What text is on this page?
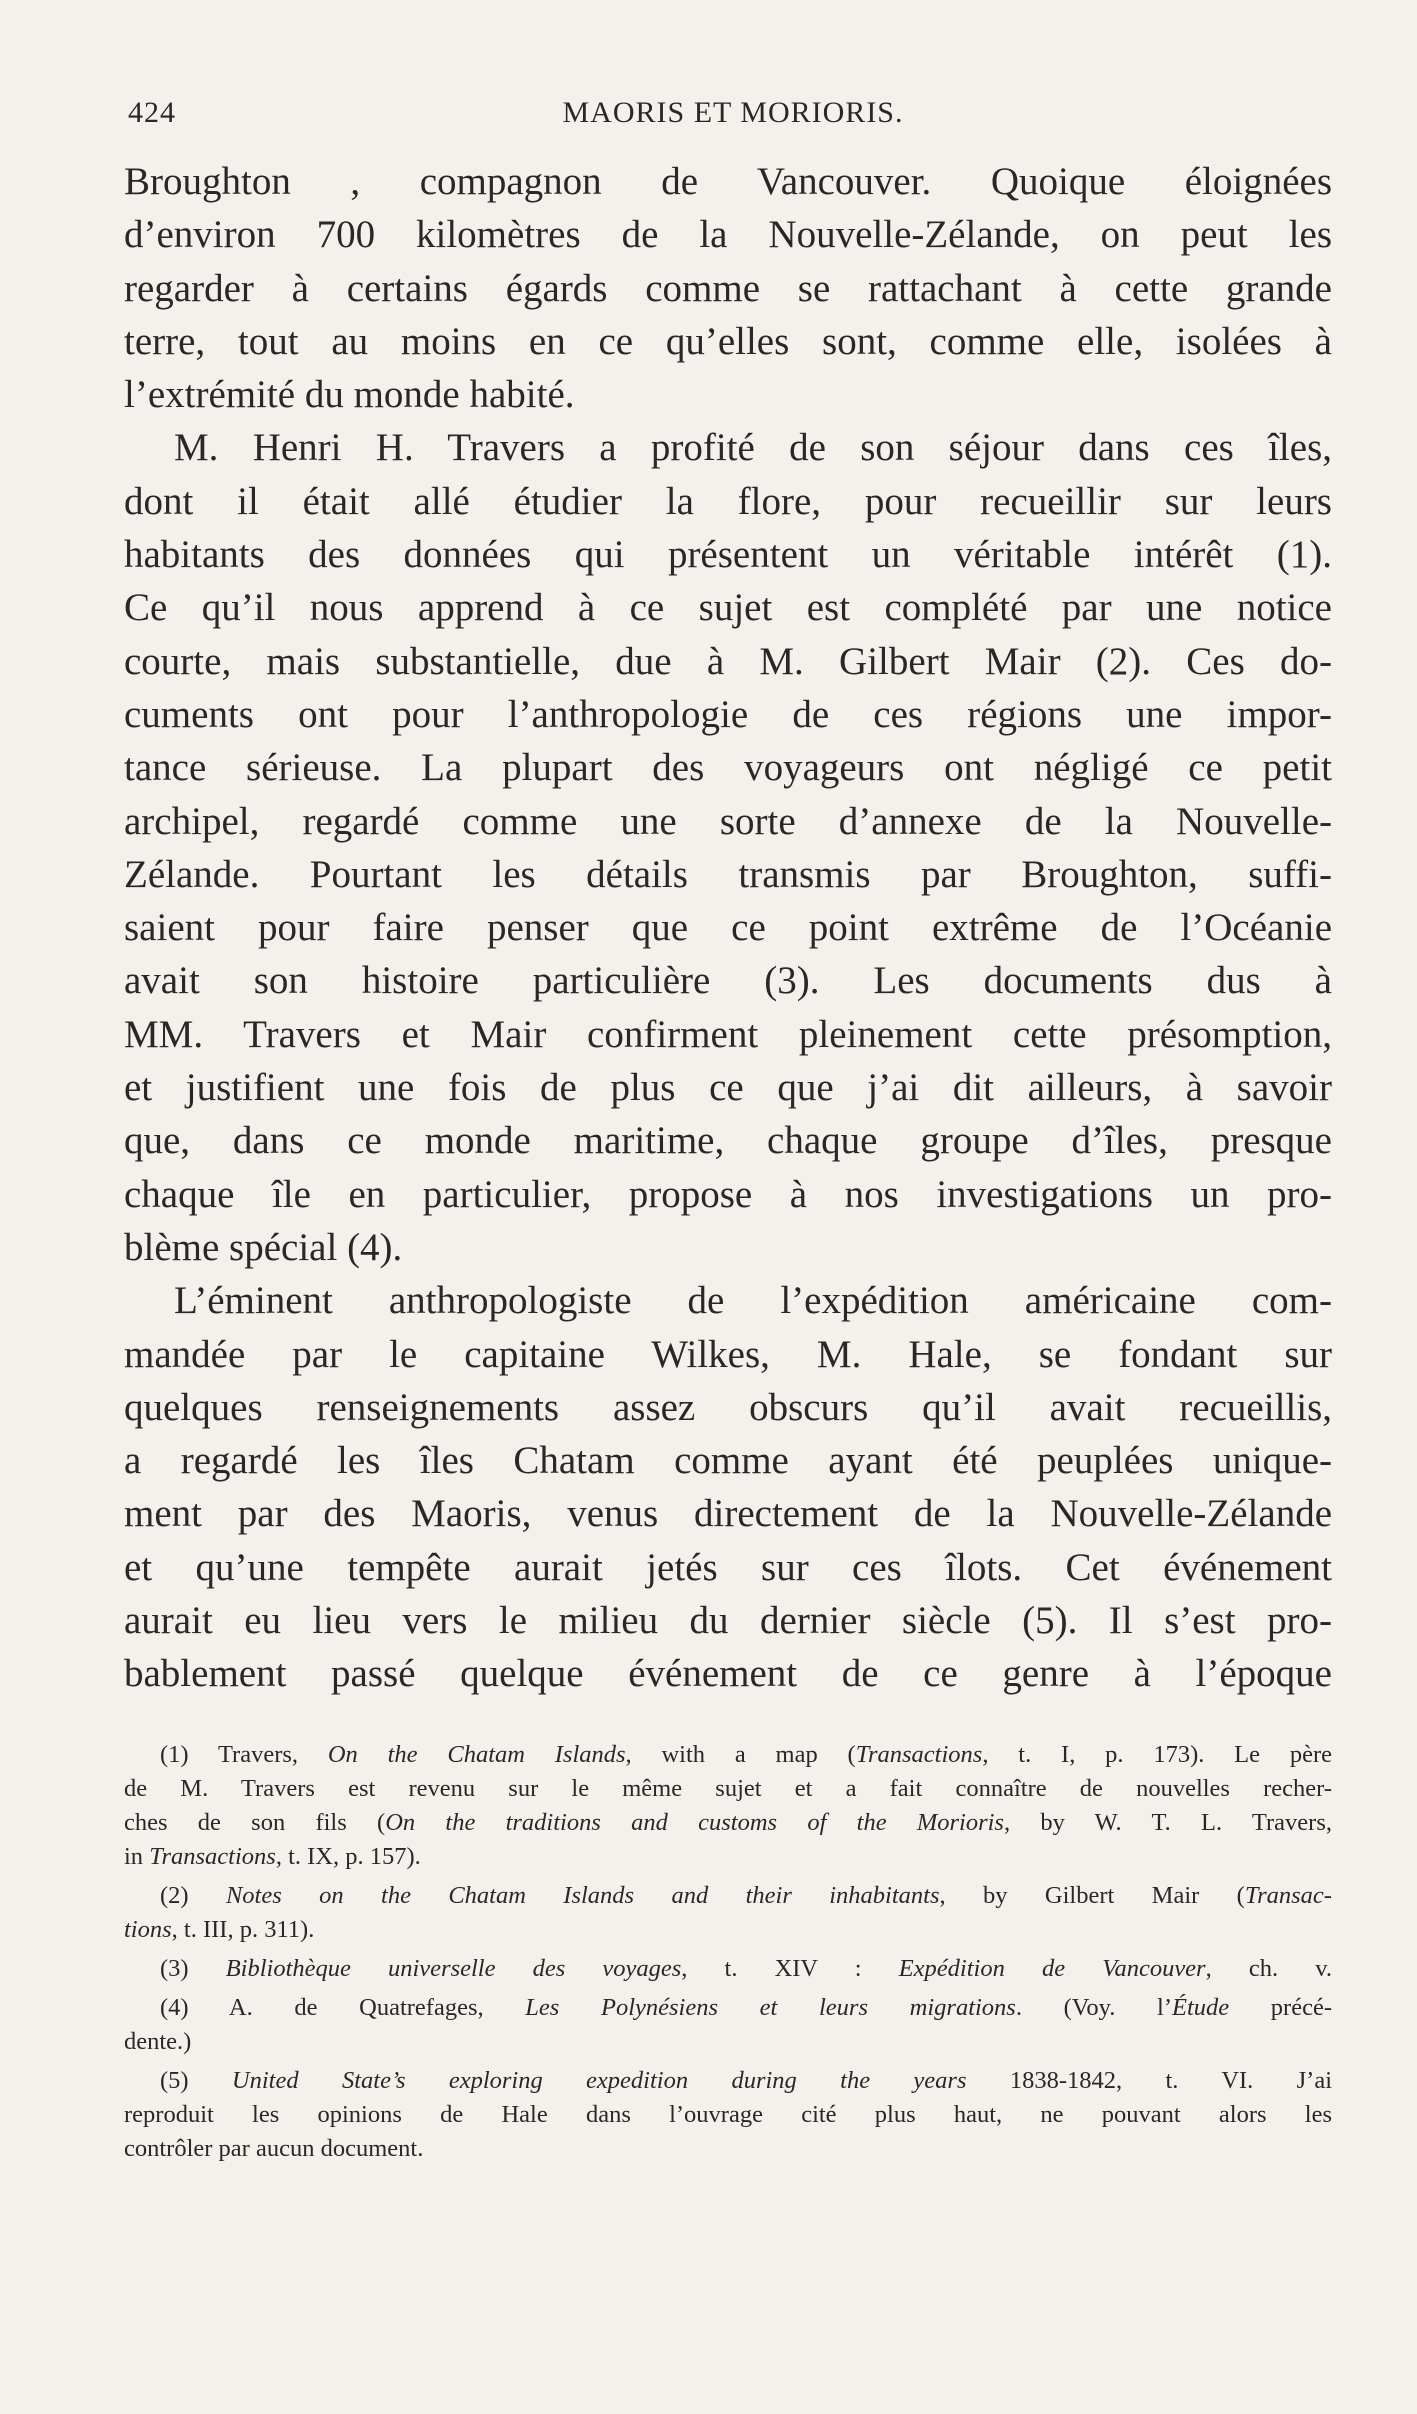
424	MAORIS ET MORIORIS.
Broughton , compagnon de Vancouver. Quoique éloignées
d’environ 700 kilomètres de la Nouvelle-Zélande, on peut les
regarder à certains égards comme se rattachant à cette grande
terre, tout au moins en ce qu’elles sont, comme elle, isolées à
l’extrémité du monde habité.
M. Henri H. Travers a profité de son séjour dans ces îles,
dont il était allé étudier la flore, pour recueillir sur leurs
habitants des données qui présentent un véritable intérêt (1).
Ce qu’il nous apprend à ce sujet est complété par une notice
courte, mais substantielle, due à M. Gilbert Mair (2). Ces do-
cuments ont pour l’anthropologie de ces régions une impor-
tance sérieuse. La plupart des voyageurs ont négligé ce petit
archipel, regardé comme une sorte d’annexe de la Nouvelle-
Zélande. Pourtant les détails transmis par Broughton, suffi-
saient pour faire penser que ce point extrême de l’Océanie
avait son histoire particulière (3). Les documents dus à
MM. Travers et Mair confirment pleinement cette présomption,
et justifient une fois de plus ce que j’ai dit ailleurs, à savoir
que, dans ce monde maritime, chaque groupe d’îles, presque
chaque île en particulier, propose à nos investigations un pro-
blème spécial (4).
L’éminent anthropologiste de l’expédition américaine com-
mandée par le capitaine Wilkes, M. Hale, se fondant sur
quelques renseignements assez obscurs qu’il avait recueillis,
a regardé les îles Chatam comme ayant été peuplées unique-
ment par des Maoris, venus directement de la Nouvelle-Zélande
et qu’une tempête aurait jetés sur ces îlots. Cet événement
aurait eu lieu vers le milieu du dernier siècle (5). Il s’est pro-
bablement passé quelque événement de ce genre à l’époque
(1) Travers, On the Chatam Islands, with a map (Transactions, t. I, p. 173). Le père
de M. Travers est revenu sur le même sujet et a fait connaître de nouvelles recher-
ches de son fils (On the traditions and customs of the Morioris, by W. T. L. Travers,
in Transactions, t. IX, p. 157).
(2) Notes on the Chatam Islands and their inhabitants, by Gilbert Mair (Transac-
tions, t. III, p. 311).
(3) Bibliothèque universelle des voyages, t. XIV : Expédition de Vancouver, ch. v.
(4) A. de Quatrefages, Les Polynésiens et leurs migrations. (Voy. l’Étude précé-
dente.)
(5) United State’s exploring expedition during the years 1838-1842, t. VI. J’ai
reproduit les opinions de Hale dans l’ouvrage cité plus haut, ne pouvant alors les
contrôler par aucun document.
